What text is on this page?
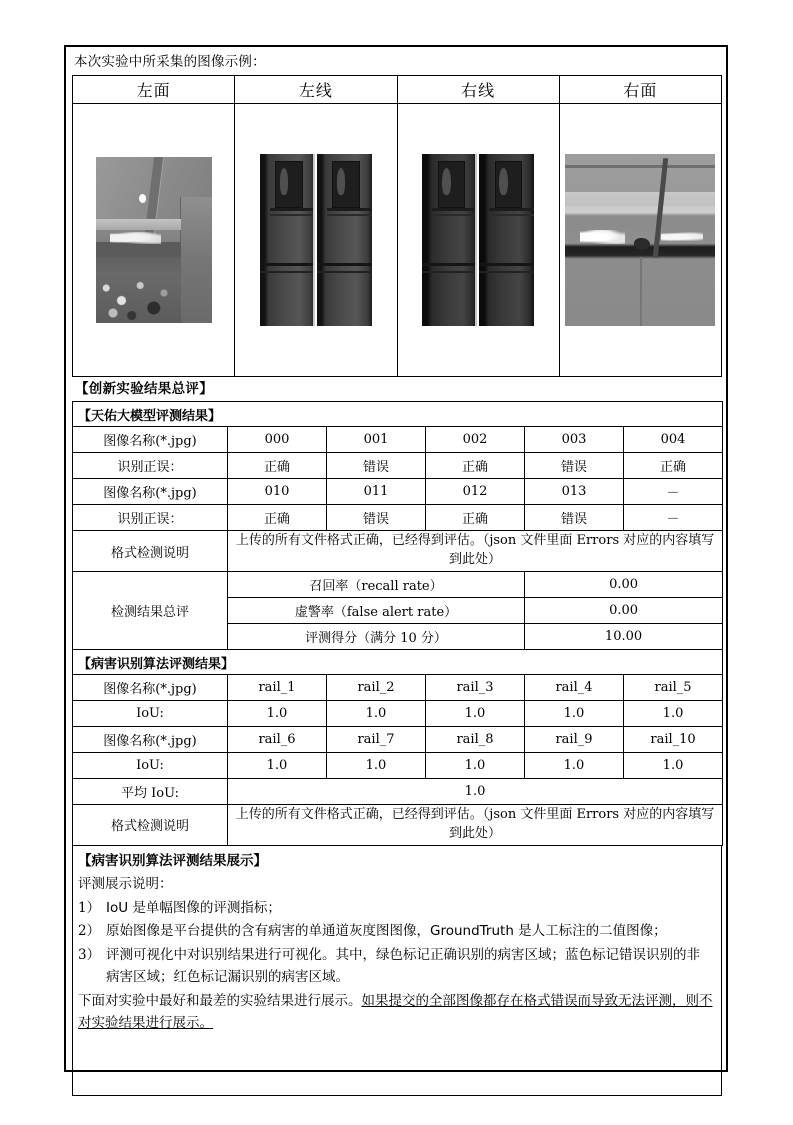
本次实验中所采集的图像示例：
左面	左线	右线	右面

【创新实验结果总评】
【天佑大模型评测结果】					
图像名称(*.jpg)	000	001	002	003	004
识别正误：	正确	错误	正确	错误	正确
图像名称(*.jpg)	010	011	012	013	－
识别正误：	正确	错误	正确	错误	－
格式检测说明	上传的所有文件格式正确，已经得到评估。（json 文件里面 Errors 对应的内容填写到此处）				
检测结果总评	召回率（recall rate）			0.00	
	虚警率（false alert rate）			0.00	
	评测得分（满分 10 分）			10.00	
【病害识别算法评测结果】					
图像名称(*.jpg)	rail_1	rail_2	rail_3	rail_4	rail_5
IoU:	1.0	1.0	1.0	1.0	1.0
图像名称(*.jpg)	rail_6	rail_7	rail_8	rail_9	rail_10
IoU:	1.0	1.0	1.0	1.0	1.0
平均 IoU:	1.0				
格式检测说明	上传的所有文件格式正确，已经得到评估。（json 文件里面 Errors 对应的内容填写到此处）				
【病害识别算法评测结果展示】
评测展示说明：
1） IoU 是单幅图像的评测指标；
2） 原始图像是平台提供的含有病害的单通道灰度图图像，GroundTruth 是人工标注的二值图像；
3） 评测可视化中对识别结果进行可视化。其中，绿色标记正确识别的病害区域；蓝色标记错误识别的非病害区域；红色标记漏识别的病害区域。
下面对实验中最好和最差的实验结果进行展示。如果提交的全部图像都存在格式错误而导致无法评测，则不对实验结果进行展示。
